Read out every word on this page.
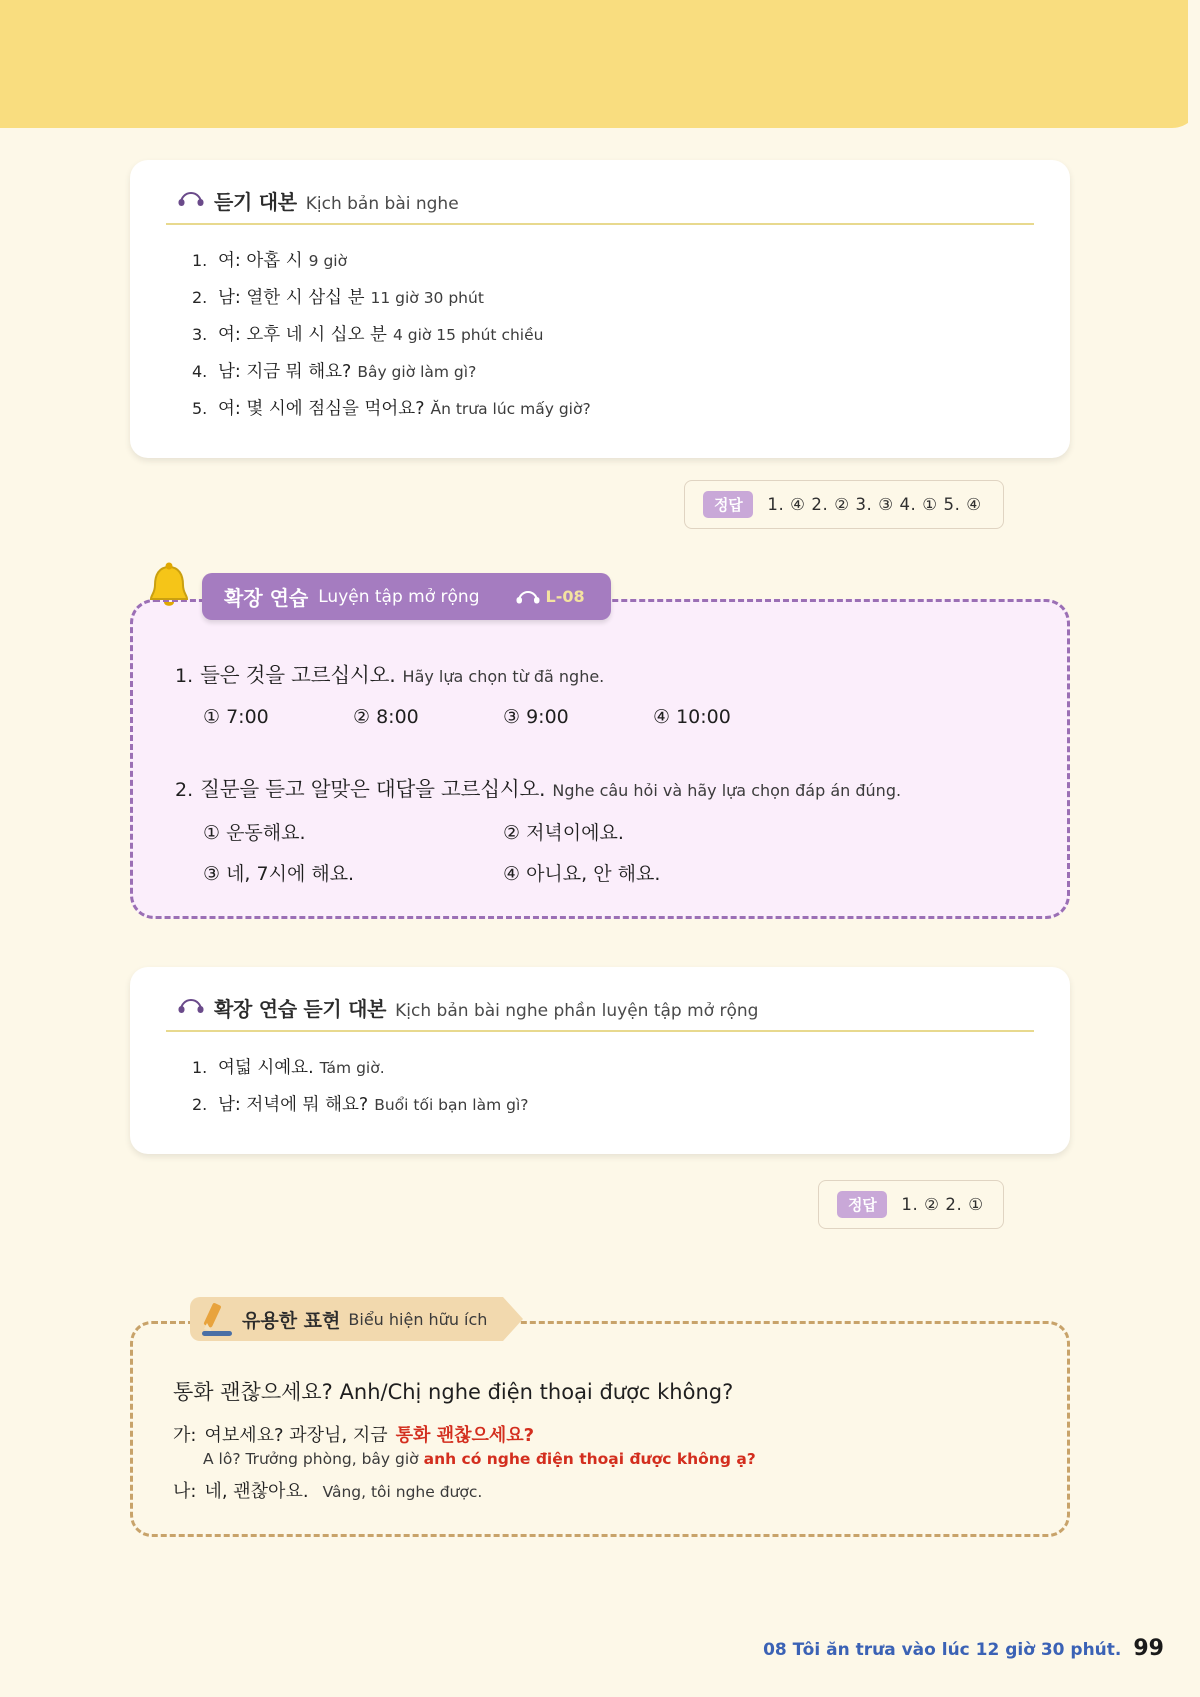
듣기 대본 Kịch bản bài nghe
1. 여: 아홉 시 9 giờ
2. 남: 열한 시 삼십 분 11 giờ 30 phút
3. 여: 오후 네 시 십오 분 4 giờ 15 phút chiều
4. 남: 지금 뭐 해요? Bây giờ làm gì?
5. 여: 몇 시에 점심을 먹어요? Ăn trưa lúc mấy giờ?
정답	1. ④ 2. ② 3. ③ 4. ① 5. ④
확장 연습 Luyện tập mở rộng	L-08
1. 들은 것을 고르십시오. Hãy lựa chọn từ đã nghe.
① 7:00	② 8:00	③ 9:00	④ 10:00
2. 질문을 듣고 알맞은 대답을 고르십시오. Nghe câu hỏi và hãy lựa chọn đáp án đúng.
① 운동해요.	② 저녁이에요.
③ 네, 7시에 해요.	④ 아니요, 안 해요.
확장 연습 듣기 대본 Kịch bản bài nghe phần luyện tập mở rộng
1. 여덟 시예요. Tám giờ.
2. 남: 저녁에 뭐 해요? Buổi tối bạn làm gì?
정답	1. ② 2. ①
유용한 표현 Biểu hiện hữu ích
통화 괜찮으세요? Anh/Chị nghe điện thoại được không?
가: 여보세요? 과장님, 지금 통화 괜찮으세요?
A lô? Trưởng phòng, bây giờ anh có nghe điện thoại được không ạ?
나: 네, 괜찮아요. Vâng, tôi nghe được.
08 Tôi ăn trưa vào lúc 12 giờ 30 phút. 99
